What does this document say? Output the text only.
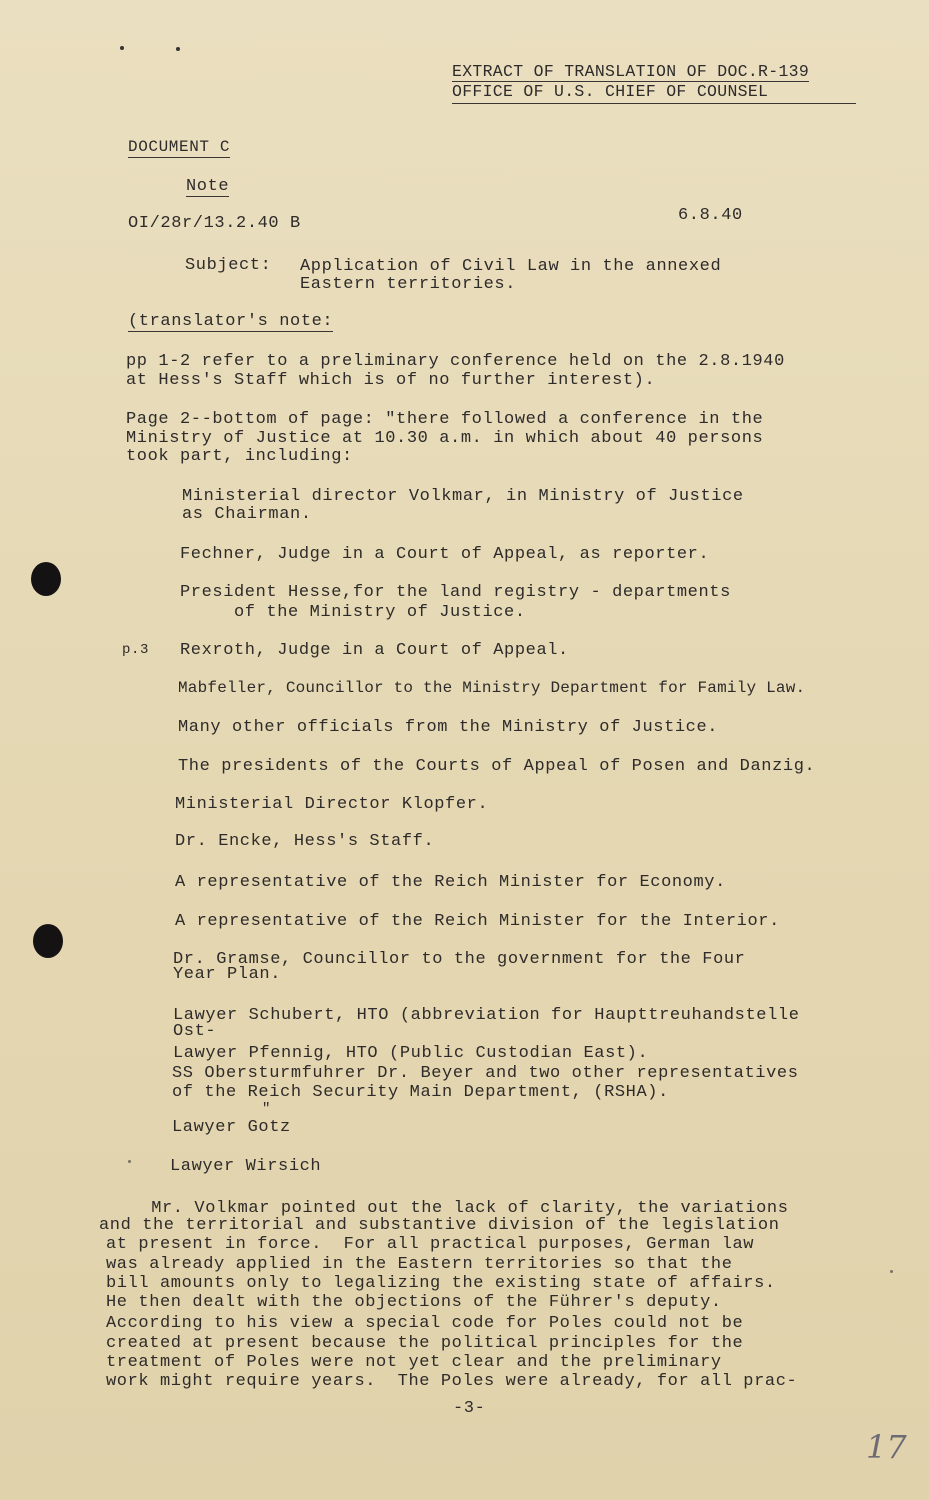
EXTRACT OF TRANSLATION OF DOC.R-139
OFFICE OF U.S. CHIEF OF COUNSEL
DOCUMENT C
Note
OI/28r/13.2.40 B	6.8.40
Subject: Application of Civil Law in the annexed
Eastern territories.
(translator's note:
pp 1-2 refer to a preliminary conference held on the 2.8.1940
at Hess's Staff which is of no further interest).
Page 2--bottom of page: "there followed a conference in the
Ministry of Justice at 10.30 a.m. in which about 40 persons
took part, including:
Ministerial director Volkmar, in Ministry of Justice
as Chairman.
Fechner, Judge in a Court of Appeal, as reporter.
President Hesse,for the land registry - departments
of the Ministry of Justice.
p.3 Rexroth, Judge in a Court of Appeal.
Mabfeller, Councillor to the Ministry Department for Family Law.
Many other officials from the Ministry of Justice.
The presidents of the Courts of Appeal of Posen and Danzig.
Ministerial Director Klopfer.
Dr. Encke, Hess's Staff.
A representative of the Reich Minister for Economy.
A representative of the Reich Minister for the Interior.
Dr. Gramse, Councillor to the government for the Four
Year Plan.
Lawyer Schubert, HTO (abbreviation for Haupttreuhandstelle
Ost-
Lawyer Pfennig, HTO (Public Custodian East).
SS Obersturmfuhrer Dr. Beyer and two other representatives
of the Reich Security Main Department, (RSHA).
"
Lawyer Gotz
Lawyer Wirsich
Mr. Volkmar pointed out the lack of clarity, the variations
and the territorial and substantive division of the legislation
at present in force.  For all practical purposes, German law
was already applied in the Eastern territories so that the
bill amounts only to legalizing the existing state of affairs.
He then dealt with the objections of the Führer's deputy.
According to his view a special code for Poles could not be
created at present because the political principles for the
treatment of Poles were not yet clear and the preliminary
work might require years.  The Poles were already, for all prac-
-3-
17
